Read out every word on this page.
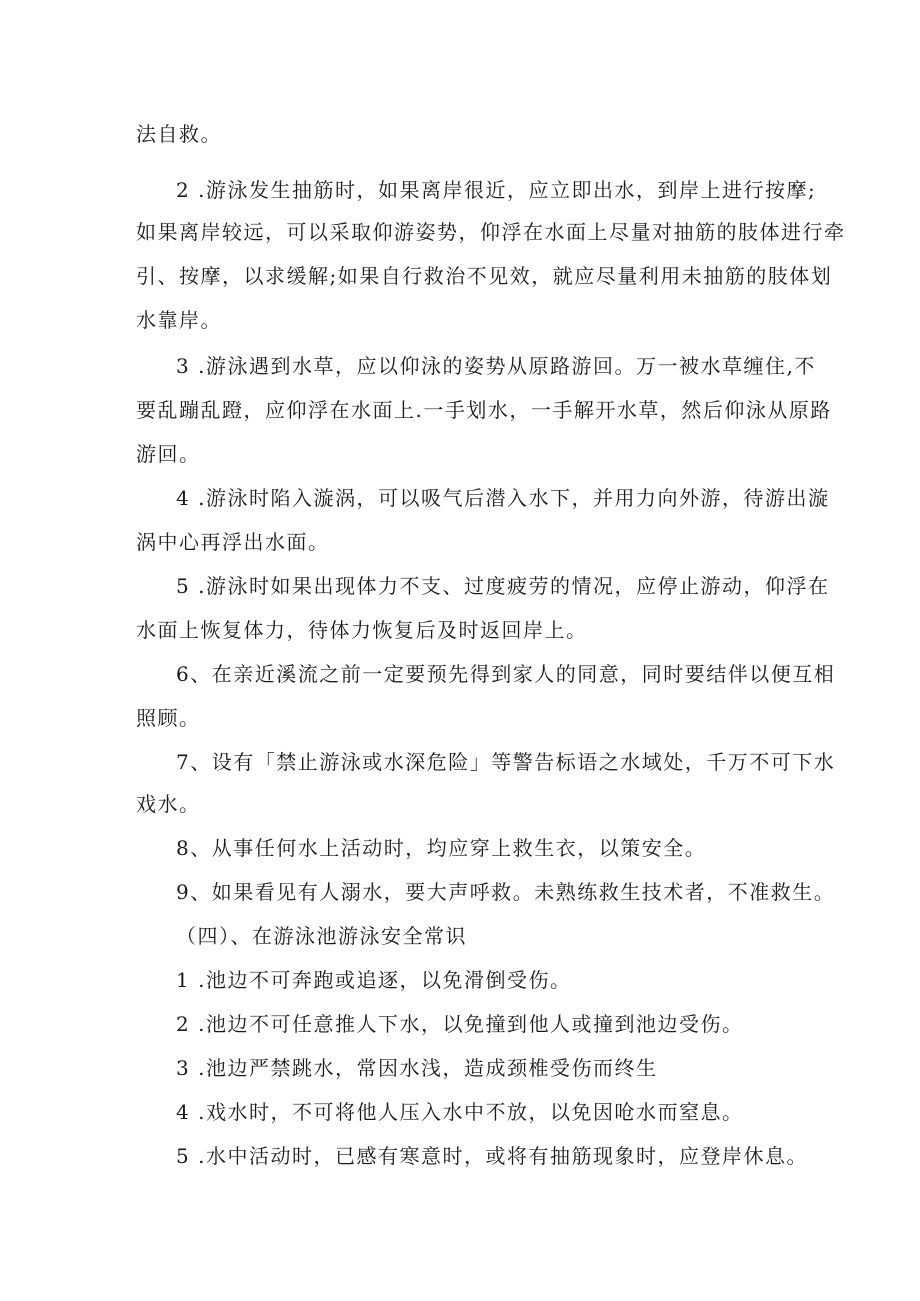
法自救。
2 .游泳发生抽筋时，如果离岸很近，应立即出水，到岸上进行按摩;
如果离岸较远，可以采取仰游姿势，仰浮在水面上尽量对抽筋的肢体进行牵
引、按摩，以求缓解;如果自行救治不见效，就应尽量利用未抽筋的肢体划
水靠岸。
3 .游泳遇到水草，应以仰泳的姿势从原路游回。万一被水草缠住,不
要乱蹦乱蹬，应仰浮在水面上.一手划水，一手解开水草，然后仰泳从原路
游回。
4 .游泳时陷入漩涡，可以吸气后潜入水下，并用力向外游，待游出漩
涡中心再浮出水面。
5 .游泳时如果出现体力不支、过度疲劳的情况，应停止游动，仰浮在
水面上恢复体力，待体力恢复后及时返回岸上。
6、在亲近溪流之前一定要预先得到家人的同意，同时要结伴以便互相
照顾。
7、设有「禁止游泳或水深危险」等警告标语之水域处，千万不可下水
戏水。
8、从事任何水上活动时，均应穿上救生衣，以策安全。
9、如果看见有人溺水，要大声呼救。未熟练救生技术者，不准救生。
（四）、在游泳池游泳安全常识
1 .池边不可奔跑或追逐，以免滑倒受伤。
2 .池边不可任意推人下水，以免撞到他人或撞到池边受伤。
3 .池边严禁跳水，常因水浅，造成颈椎受伤而终生
4 .戏水时，不可将他人压入水中不放，以免因呛水而窒息。
5 .水中活动时，已感有寒意时，或将有抽筋现象时，应登岸休息。
